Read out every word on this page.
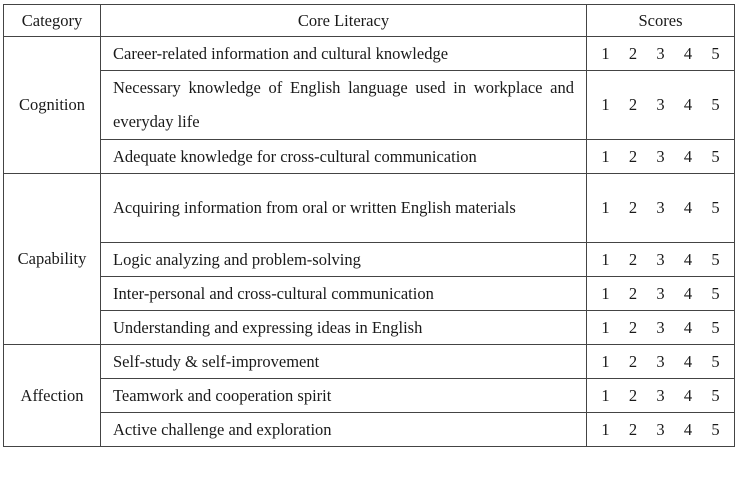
Category	Core Literacy	Scores
Cognition	Career-related information and cultural knowledge	1 2 3 4 5
	Necessary knowledge of English language used in workplace and everyday life	1 2 3 4 5
	Adequate knowledge for cross-cultural communication	1 2 3 4 5
Capability	Acquiring information from oral or written English materials	1 2 3 4 5
	Logic analyzing and problem-solving	1 2 3 4 5
	Inter-personal and cross-cultural communication	1 2 3 4 5
	Understanding and expressing ideas in English	1 2 3 4 5
Affection	Self-study & self-improvement	1 2 3 4 5
	Teamwork and cooperation spirit	1 2 3 4 5
	Active challenge and exploration	1 2 3 4 5
